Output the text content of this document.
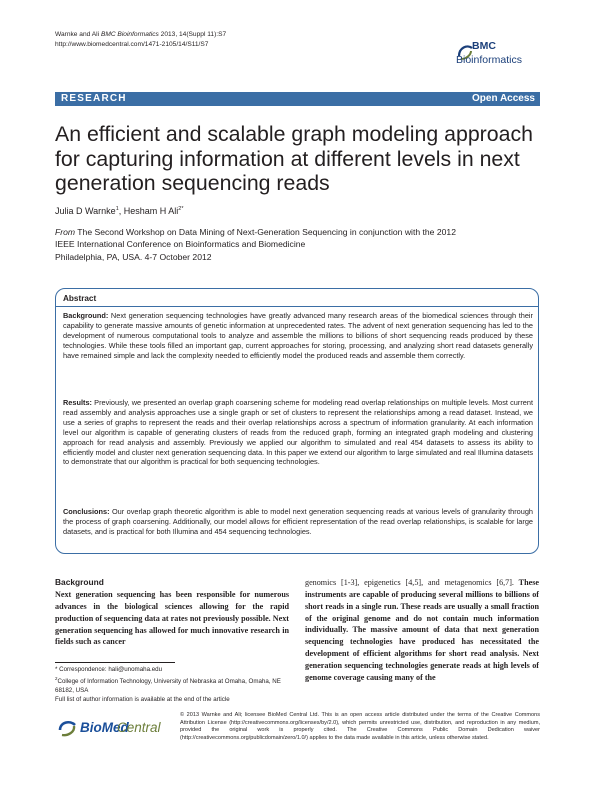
Warnke and Ali BMC Bioinformatics 2013, 14(Suppl 11):S7
http://www.biomedcentral.com/1471-2105/14/S11/S7	BMC
Bioinformatics
RESEARCH	Open Access
An efficient and scalable graph modeling approach for capturing information at different levels in next generation sequencing reads
Julia D Warnke$^1$, Hesham H Ali$^{2*}$
From The Second Workshop on Data Mining of Next-Generation Sequencing in conjunction with the 2012
IEEE International Conference on Bioinformatics and Biomedicine
Philadelphia, PA, USA. 4-7 October 2012
Abstract
Background: Next generation sequencing technologies have greatly advanced many research areas of the biomedical sciences through their capability to generate massive amounts of genetic information at unprecedented rates. The advent of next generation sequencing has led to the development of numerous computational tools to analyze and assemble the millions to billions of short sequencing reads produced by these technologies. While these tools filled an important gap, current approaches for storing, processing, and analyzing short read datasets generally have remained simple and lack the complexity needed to efficiently model the produced reads and assemble them correctly.
Results: Previously, we presented an overlap graph coarsening scheme for modeling read overlap relationships on multiple levels. Most current read assembly and analysis approaches use a single graph or set of clusters to represent the relationships among a read dataset. Instead, we use a series of graphs to represent the reads and their overlap relationships across a spectrum of information granularity. At each information level our algorithm is capable of generating clusters of reads from the reduced graph, forming an integrated graph modeling and clustering approach for read analysis and assembly. Previously we applied our algorithm to simulated and real 454 datasets to assess its ability to efficiently model and cluster next generation sequencing data. In this paper we extend our algorithm to large simulated and real Illumina datasets to demonstrate that our algorithm is practical for both sequencing technologies.
Conclusions: Our overlap graph theoretic algorithm is able to model next generation sequencing reads at various levels of granularity through the process of graph coarsening. Additionally, our model allows for efficient representation of the read overlap relationships, is scalable for large datasets, and is practical for both Illumina and 454 sequencing technologies.
Background
Next generation sequencing has been responsible for numerous advances in the biological sciences allowing for the rapid production of sequencing data at rates not previously possible. Next generation sequencing has allowed for much innovative research in fields such as cancer
genomics [1-3], epigenetics [4,5], and metagenomics [6,7]. These instruments are capable of producing several millions to billions of short reads in a single run. These reads are usually a small fraction of the original genome and do not contain much information individually. The massive amount of data that next generation sequencing technologies have produced has necessitated the development of efficient algorithms for short read analysis. Next generation sequencing technologies generate reads at high levels of genome coverage causing many of the
* Correspondence: hali@unomaha.edu
$^2$College of Information Technology, University of Nebraska at Omaha, Omaha, NE 68182, USA
Full list of author information is available at the end of the article
BioMed
Central
© 2013 Warnke and Ali; licensee BioMed Central Ltd. This is an open access article distributed under the terms of the Creative Commons Attribution License (http://creativecommons.org/licenses/by/2.0), which permits unrestricted use, distribution, and reproduction in any medium, provided the original work is properly cited. The Creative Commons Public Domain Dedication waiver (http://creativecommons.org/publicdomain/zero/1.0/) applies to the data made available in this article, unless otherwise stated.
